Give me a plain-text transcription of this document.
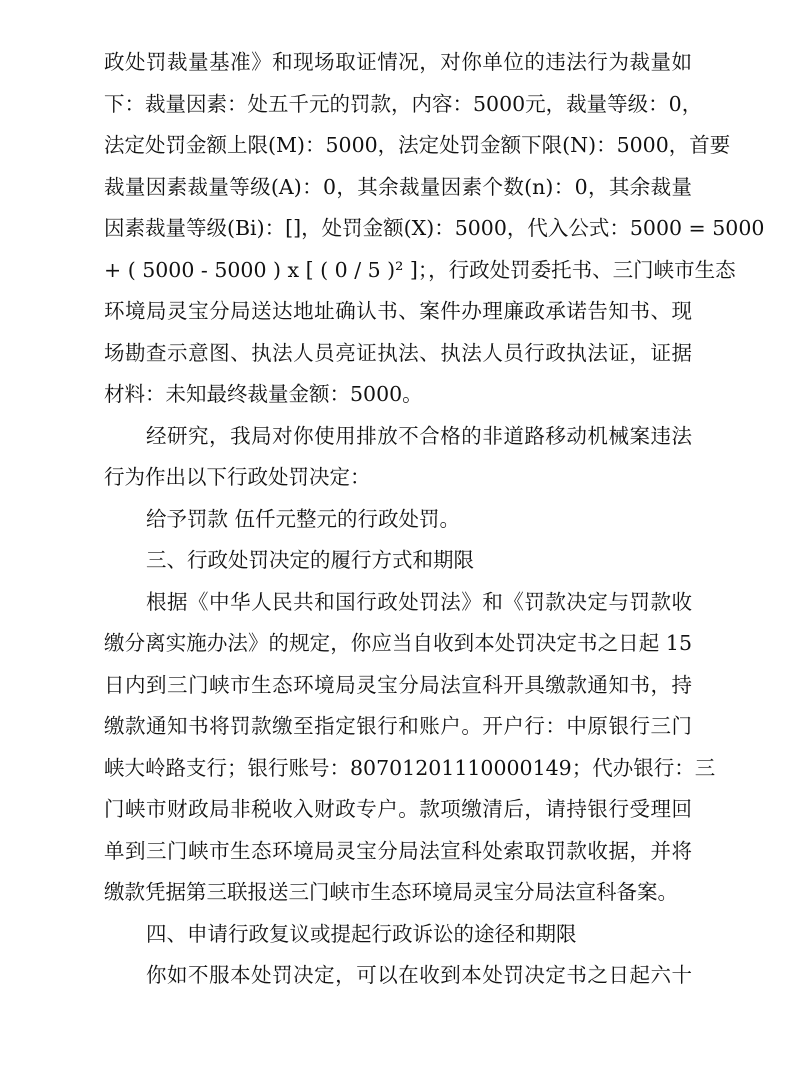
政处罚裁量基准》和现场取证情况，对你单位的违法行为裁量如
下：裁量因素：处五千元的罚款，内容：5000元，裁量等级：0，
法定处罚金额上限(M)：5000，法定处罚金额下限(N)：5000，首要
裁量因素裁量等级(A)：0，其余裁量因素个数(n)：0，其余裁量
因素裁量等级(Bi)：[]，处罚金额(X)：5000，代入公式：5000 = 5000
+ ( 5000 - 5000 ) x [ ( 0 / 5 )² ]；，行政处罚委托书、三门峡市生态
环境局灵宝分局送达地址确认书、案件办理廉政承诺告知书、现
场勘查示意图、执法人员亮证执法、执法人员行政执法证，证据
材料：未知最终裁量金额：5000。
经研究，我局对你使用排放不合格的非道路移动机械案违法
行为作出以下行政处罚决定：
给予罚款 伍仟元整元的行政处罚。
三、行政处罚决定的履行方式和期限
根据《中华人民共和国行政处罚法》和《罚款决定与罚款收
缴分离实施办法》的规定，你应当自收到本处罚决定书之日起 15
日内到三门峡市生态环境局灵宝分局法宣科开具缴款通知书，持
缴款通知书将罚款缴至指定银行和账户。开户行：中原银行三门
峡大岭路支行；银行账号：80701201110000149；代办银行：三
门峡市财政局非税收入财政专户。款项缴清后，请持银行受理回
单到三门峡市生态环境局灵宝分局法宣科处索取罚款收据，并将
缴款凭据第三联报送三门峡市生态环境局灵宝分局法宣科备案。
四、申请行政复议或提起行政诉讼的途径和期限
你如不服本处罚决定，可以在收到本处罚决定书之日起六十
